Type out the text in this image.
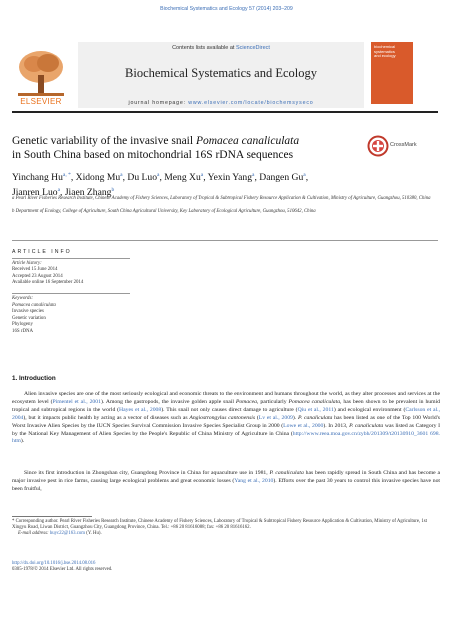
Biochemical Systematics and Ecology 57 (2014) 203–209
ELSEVIER
Contents lists available at ScienceDirect
Biochemical Systematics and Ecology
journal homepage: www.elsevier.com/locate/biochemsyseco
biochemical
systematics
and ecology
Genetic variability of the invasive snail Pomacea canaliculata
in South China based on mitochondrial 16S rDNA sequences
CrossMark
Yinchang $Hu^{a, *}$, Xidong Mu$^a$, Du Luo$^a$, Meng Xu$^a$, Yexin Yang$^a$, Dangen Gu$^a$,
Jianren Luo$^a$, Jiaen Zhang$^b$
a Pearl River Fisheries Research Institute, Chinese Academy of Fishery Sciences, Laboratory of Tropical & Subtropical Fishery Resource Application & Cultivation, Ministry of Agriculture, Guangzhou, 510380, China
b Department of Ecology, College of Agriculture, South China Agricultural University, Key Laboratory of Ecological Agriculture, Guangzhou, 510642, China
ARTICLE INFO
Article history:
Received 15 June 2014
Accepted 23 August 2014
Available online 16 September 2014
Keywords:
Pomacea canaliculata
Invasive species
Genetic variation
Phylogeny
16S rDNA
1. Introduction
Alien invasive species are one of the most seriously ecological and economic threats to the environment and humans throughout the world, as they alter processes and services at the ecosystem level (Pimentel et al., 2001). Among the gastropods, the invasive golden apple snail Pomacea, particularly Pomacea canaliculata, has been shown to be prevalent in humid tropical and subtropical regions in the world (Hayes et al., 2008). This snail not only causes direct damage to agriculture (Qiu et al., 2011) and ecological environment (Carlsson et al., 2004), but it impacts public health by acting as a vector of diseases such as Angiostrongylus cantonensis (Lv et al., 2009). P. canaliculata has been listed as one of the Top 100 World's Worst Invasive Alien Species by the IUCN Species Survival Commission Invasive Species Specialist Group in 2000 (Lowe et al., 2000). In 2013, P. canaliculata was listed as Category I by the National Key Management of Alien Species by the People's Republic of China Ministry of Agriculture in China (http://www.reea.moa.gov.cn/zybh/201309/t20130910_3601 698. htm).
Since its first introduction in Zhongshan city, Guangdong Province in China for aquaculture use in 1981, P. canaliculata has been rapidly spread in South China and has become a major invasive pest in rice farms, causing large ecological problems and great economic losses (Yang et al., 2010). Efforts over the past 30 years to control this invasive species have not been fruitful,
* Corresponding author. Pearl River Fisheries Research Institute, Chinese Academy of Fishery Sciences, Laboratory of Tropical & Subtropical Fishery Resource Application & Cultivation, Ministry of Agriculture, 1st Xingyu Road, Liwan District, Guangzhou City, Guangdong Province, China. Tel.: +86 20 81616088; fax: +86 20 81616162.
E-mail address: huyc22@163.com (Y. Hu).
http://dx.doi.org/10.1016/j.bse.2014.08.016
0305-1978/© 2014 Elsevier Ltd. All rights reserved.
